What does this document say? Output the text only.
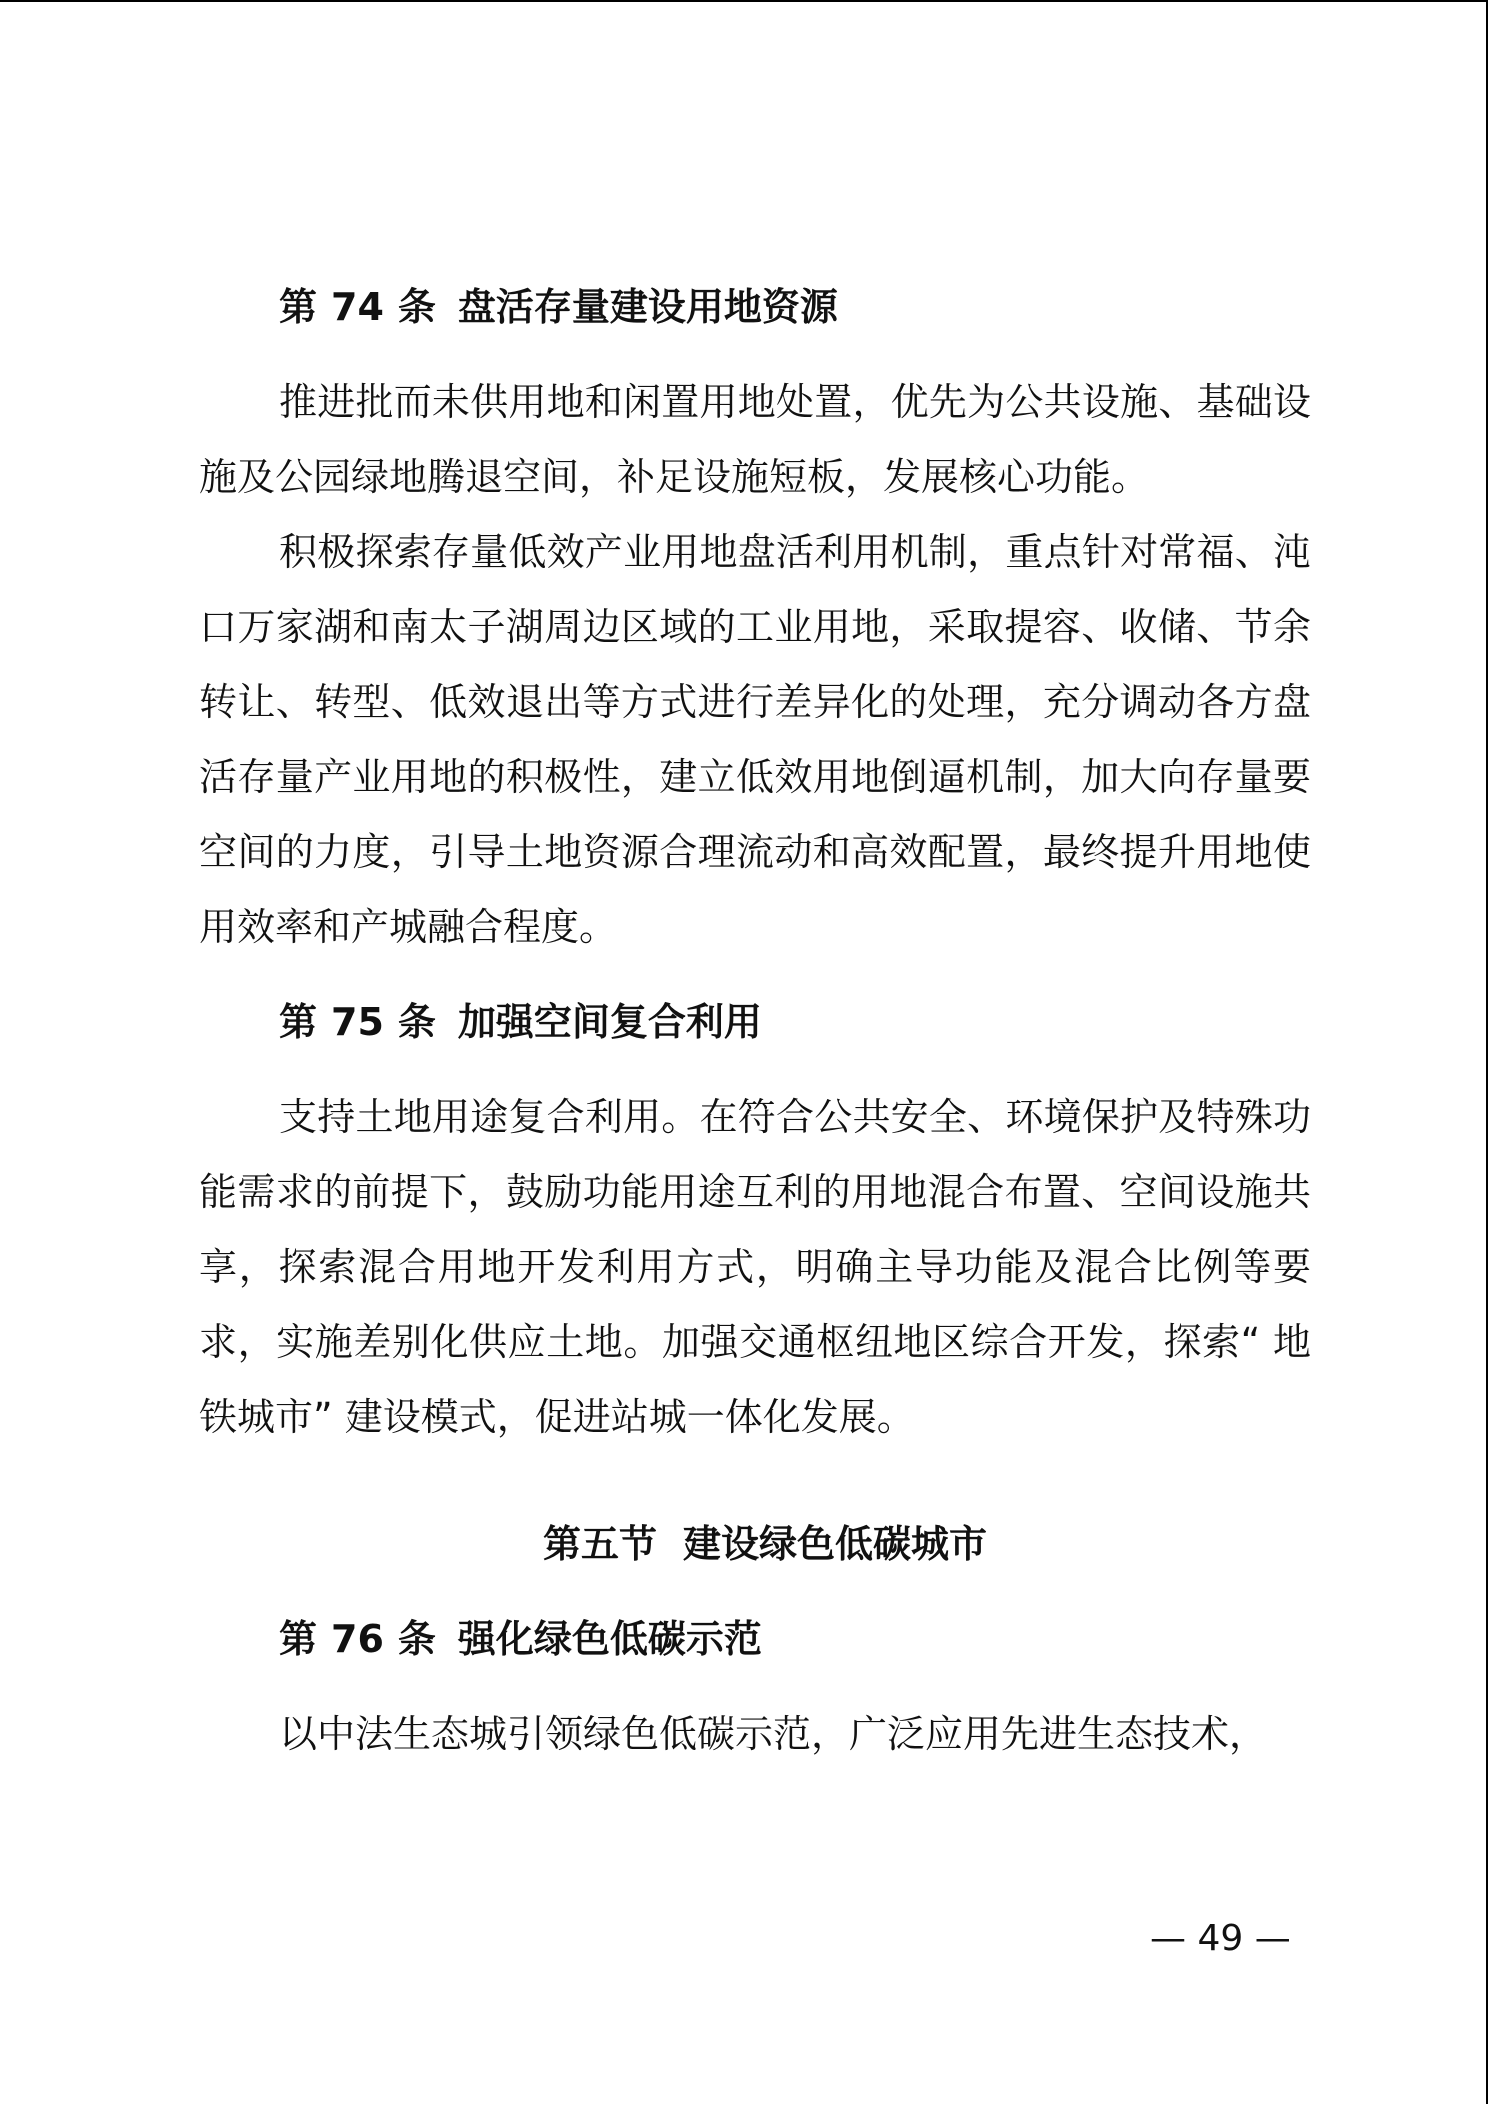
第 74 条 盘活存量建设用地资源

推进批而未供用地和闲置用地处置，优先为公共设施、基础设施及公园绿地腾退空间，补足设施短板，发展核心功能。

积极探索存量低效产业用地盘活利用机制，重点针对常福、沌口万家湖和南太子湖周边区域的工业用地，采取提容、收储、节余转让、转型、低效退出等方式进行差异化的处理，充分调动各方盘活存量产业用地的积极性，建立低效用地倒逼机制，加大向存量要空间的力度，引导土地资源合理流动和高效配置，最终提升用地使用效率和产城融合程度。

第 75 条 加强空间复合利用

支持土地用途复合利用。在符合公共安全、环境保护及特殊功能需求的前提下，鼓励功能用途互利的用地混合布置、空间设施共享，探索混合用地开发利用方式，明确主导功能及混合比例等要求，实施差别化供应土地。加强交通枢纽地区综合开发，探索“ 地铁城市” 建设模式，促进站城一体化发展。

第五节 建设绿色低碳城市
第 76 条 强化绿色低碳示范

以中法生态城引领绿色低碳示范，广泛应用先进生态技术，

— 49 —
